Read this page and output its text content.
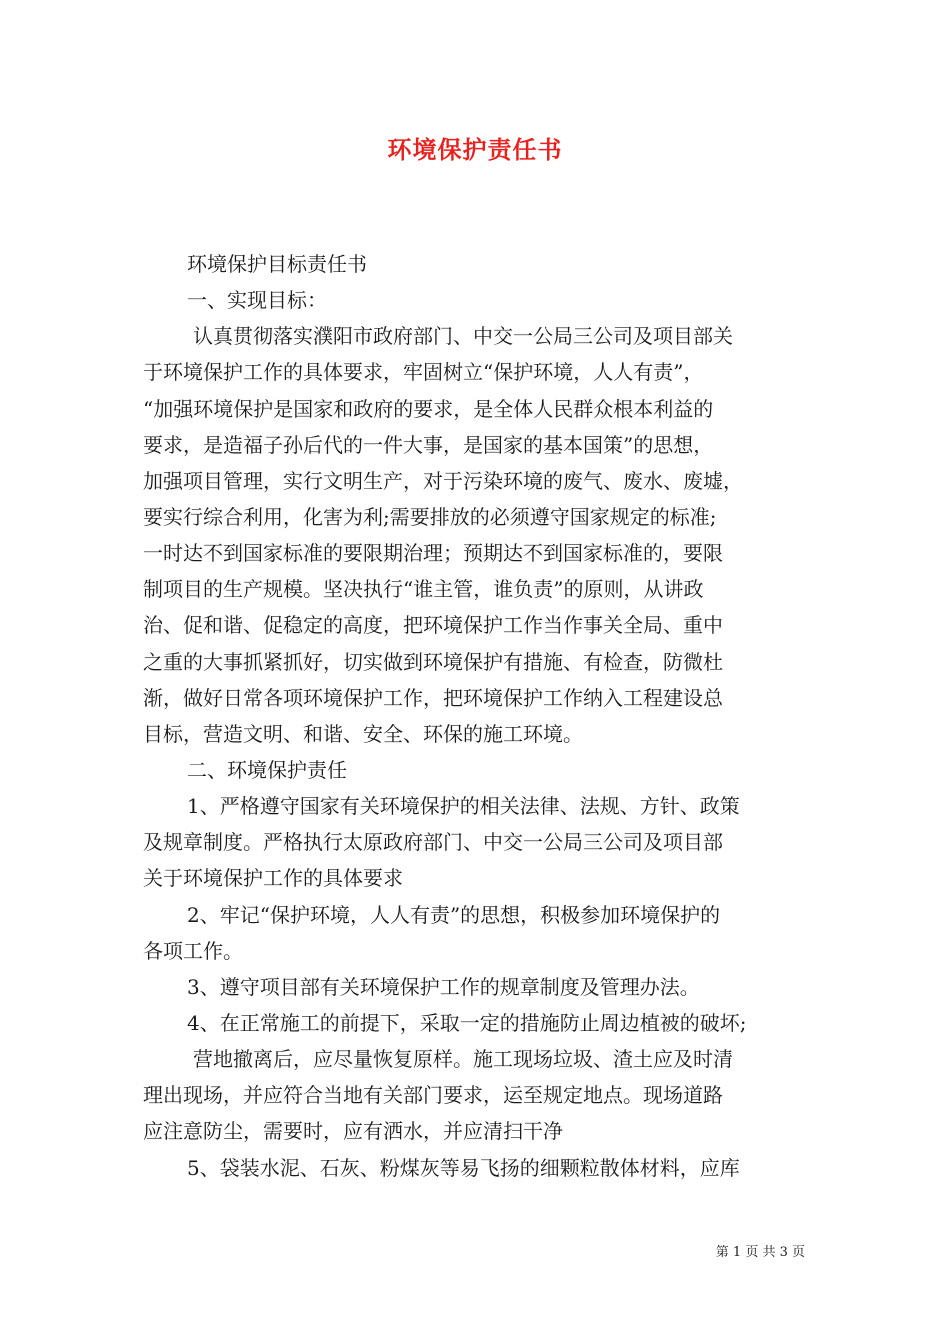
环境保护责任书
环境保护目标责任书
一、实现目标：
认真贯彻落实濮阳市政府部门、中交一公局三公司及项目部关
于环境保护工作的具体要求，牢固树立“保护环境，人人有责”，
“加强环境保护是国家和政府的要求，是全体人民群众根本利益的
要求，是造福子孙后代的一件大事，是国家的基本国策”的思想，
加强项目管理，实行文明生产，对于污染环境的废气、废水、废墟，
要实行综合利用，化害为利;需要排放的必须遵守国家规定的标准;
一时达不到国家标准的要限期治理；预期达不到国家标准的，要限
制项目的生产规模。坚决执行“谁主管，谁负责”的原则，从讲政
治、促和谐、促稳定的高度，把环境保护工作当作事关全局、重中
之重的大事抓紧抓好，切实做到环境保护有措施、有检查，防微杜
渐，做好日常各项环境保护工作，把环境保护工作纳入工程建设总
目标，营造文明、和谐、安全、环保的施工环境。
二、环境保护责任
1、严格遵守国家有关环境保护的相关法律、法规、方针、政策
及规章制度。严格执行太原政府部门、中交一公局三公司及项目部
关于环境保护工作的具体要求
2、牢记“保护环境，人人有责”的思想，积极参加环境保护的
各项工作。
3、遵守项目部有关环境保护工作的规章制度及管理办法。
4、在正常施工的前提下，采取一定的措施防止周边植被的破坏;
营地撤离后，应尽量恢复原样。施工现场垃圾、渣土应及时清
理出现场，并应符合当地有关部门要求，运至规定地点。现场道路
应注意防尘，需要时，应有洒水，并应清扫干净
5、袋装水泥、石灰、粉煤灰等易飞扬的细颗粒散体材料，应库
第 1 页 共 3 页
